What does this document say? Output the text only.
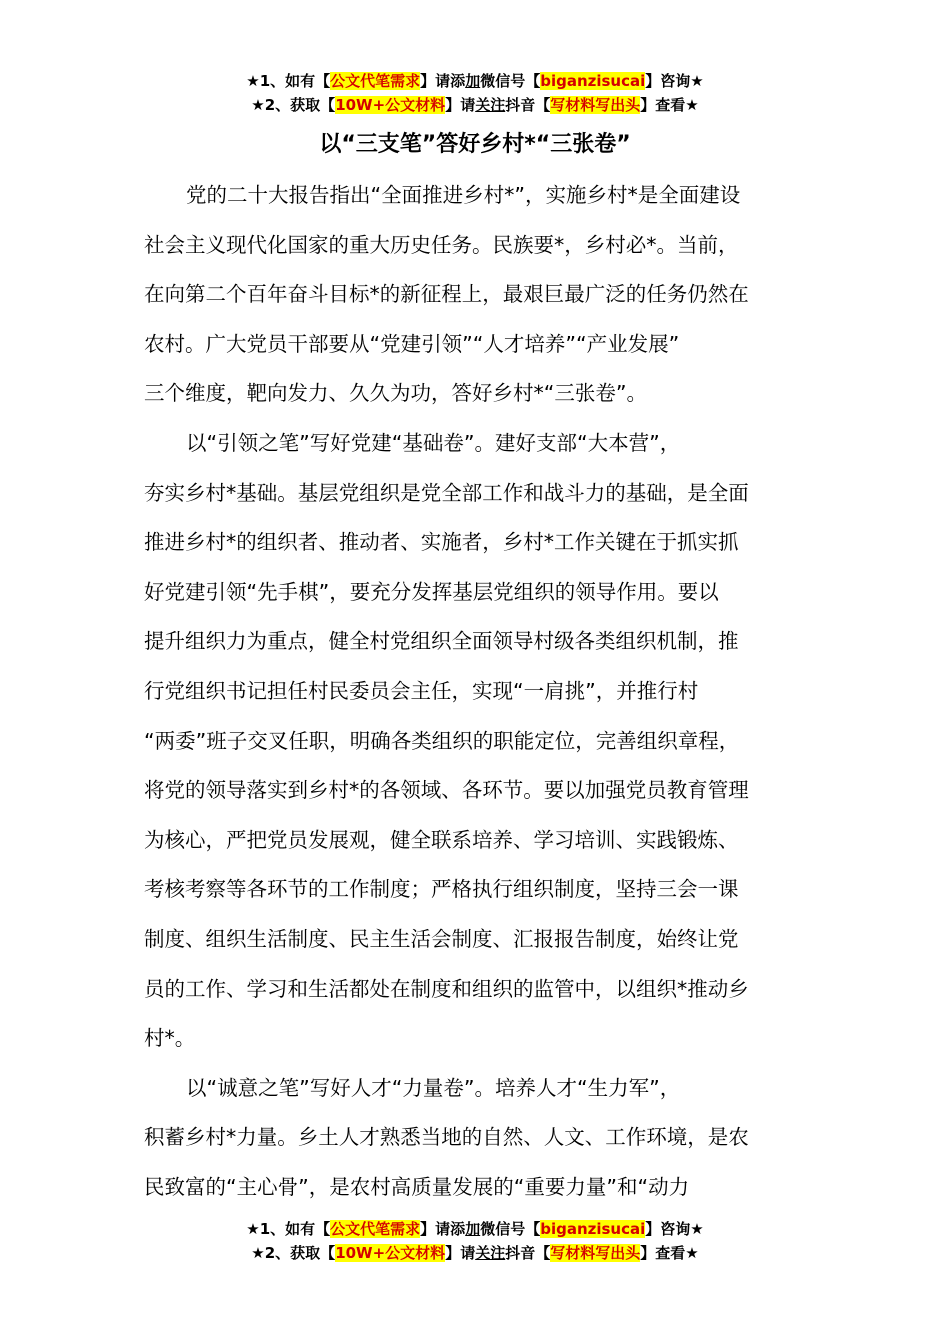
★1、如有【公文代笔需求】请添加微信号【biganzisucai】咨询★
★2、获取【10W+公文材料】请关注抖音【写材料写出头】查看★
以“三支笔”答好乡村*“三张卷”
党的二十大报告指出“全面推进乡村*”，实施乡村*是全面建设
社会主义现代化国家的重大历史任务。民族要*，乡村必*。当前，
在向第二个百年奋斗目标*的新征程上，最艰巨最广泛的任务仍然在
农村。广大党员干部要从“党建引领”“人才培养”“产业发展”
三个维度，靶向发力、久久为功，答好乡村*“三张卷”。
以“引领之笔”写好党建“基础卷”。建好支部“大本营”，
夯实乡村*基础。基层党组织是党全部工作和战斗力的基础，是全面
推进乡村*的组织者、推动者、实施者，乡村*工作关键在于抓实抓
好党建引领“先手棋”，要充分发挥基层党组织的领导作用。要以
提升组织力为重点，健全村党组织全面领导村级各类组织机制，推
行党组织书记担任村民委员会主任，实现“一肩挑”，并推行村
“两委”班子交叉任职，明确各类组织的职能定位，完善组织章程，
将党的领导落实到乡村*的各领域、各环节。要以加强党员教育管理
为核心，严把党员发展观，健全联系培养、学习培训、实践锻炼、
考核考察等各环节的工作制度；严格执行组织制度，坚持三会一课
制度、组织生活制度、民主生活会制度、汇报报告制度，始终让党
员的工作、学习和生活都处在制度和组织的监管中，以组织*推动乡
村*。
以“诚意之笔”写好人才“力量卷”。培养人才“生力军”，
积蓄乡村*力量。乡土人才熟悉当地的自然、人文、工作环境，是农
民致富的“主心骨”，是农村高质量发展的“重要力量”和“动力
★1、如有【公文代笔需求】请添加微信号【biganzisucai】咨询★
★2、获取【10W+公文材料】请关注抖音【写材料写出头】查看★
